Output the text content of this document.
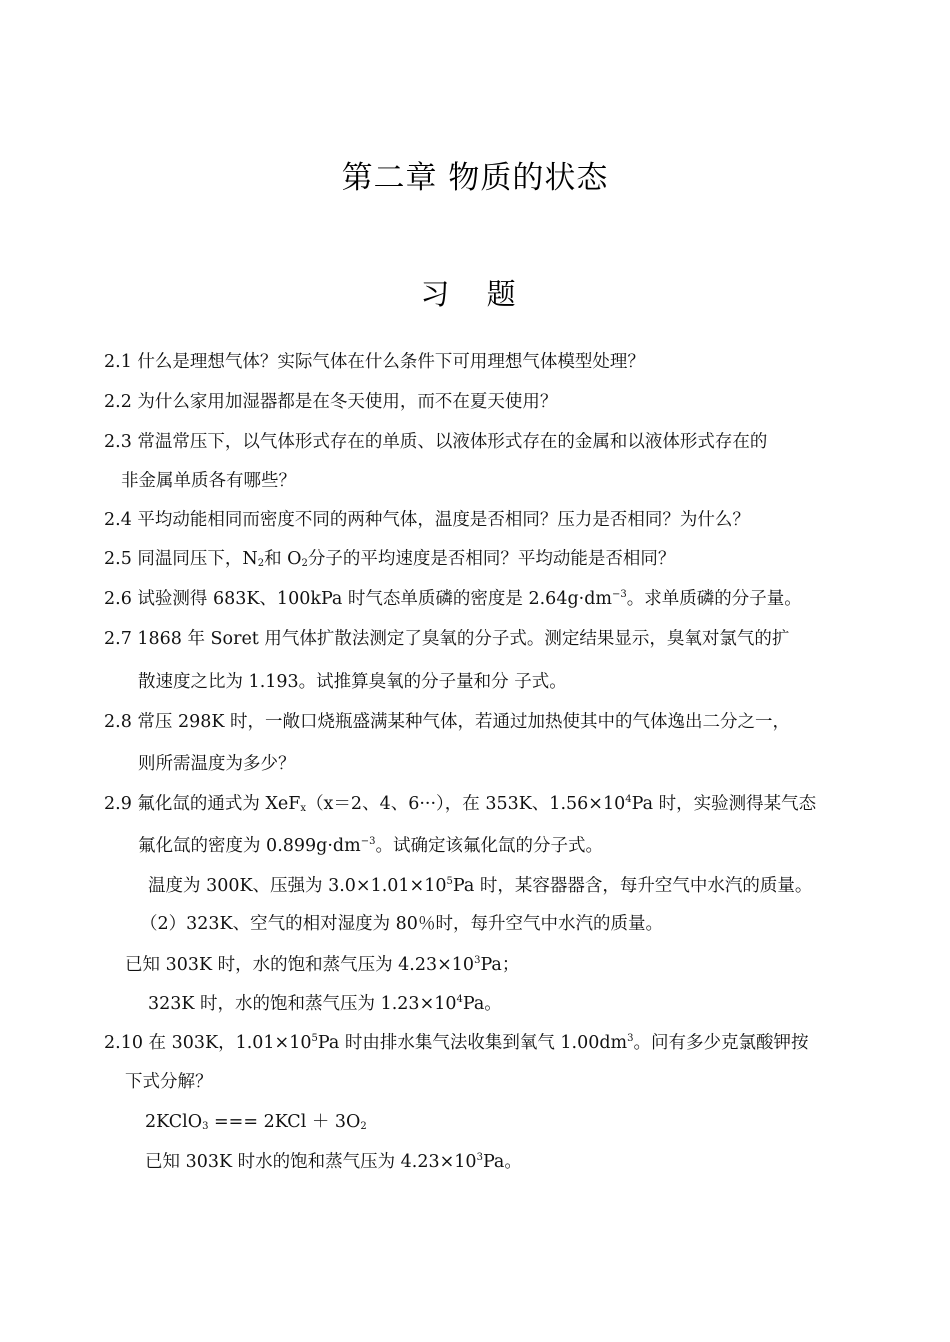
第二章 物质的状态
习 题
2.1 什么是理想气体？实际气体在什么条件下可用理想气体模型处理？
2.2 为什么家用加湿器都是在冬天使用，而不在夏天使用？
2.3 常温常压下，以气体形式存在的单质、以液体形式存在的金属和以液体形式存在的
非金属单质各有哪些？
2.4 平均动能相同而密度不同的两种气体，温度是否相同？压力是否相同？为什么？
2.5 同温同压下，$N_2$和 $O_2$分子的平均速度是否相同？平均动能是否相同？
2.6 试验测得 683K、100kPa 时气态单质磷的密度是 $2.64g\cdot dm^{-3}$。求单质磷的分子量。
2.7 1868 年 Soret 用气体扩散法测定了臭氧的分子式。测定结果显示，臭氧对氯气的扩
散速度之比为 1.193。试推算臭氧的分子量和分 子式。
2.8 常压 298K 时，一敞口烧瓶盛满某种气体，若通过加热使其中的气体逸出二分之一，
则所需温度为多少？
2.9 氟化氙的通式为 XeF$_x$（x＝2、4、6···），在 353K、$1.56\times 10^4Pa$ 时，实验测得某气态
氟化氙的密度为 $0.899g\cdot dm^{-3}$。试确定该氟化氙的分子式。
温度为 300K、压强为 $3.0\times 1.01\times 10^5Pa$ 时，某容器器含，每升空气中水汽的质量。
（2）323K、空气的相对湿度为 80％时，每升空气中水汽的质量。
已知 303K 时，水的饱和蒸气压为 $4.23\times 10^3Pa$；
323K 时，水的饱和蒸气压为 $1.23\times 10^4Pa$。
2.10 在 303K，$1.01\times 10^5Pa$ 时由排水集气法收集到氧气 $1.00dm^3$。问有多少克氯酸钾按
下式分解？
2KClO$_3$ === $2KCl + 3O_2$
已知 303K 时水的饱和蒸气压为 $4.23\times 10^3Pa$。
